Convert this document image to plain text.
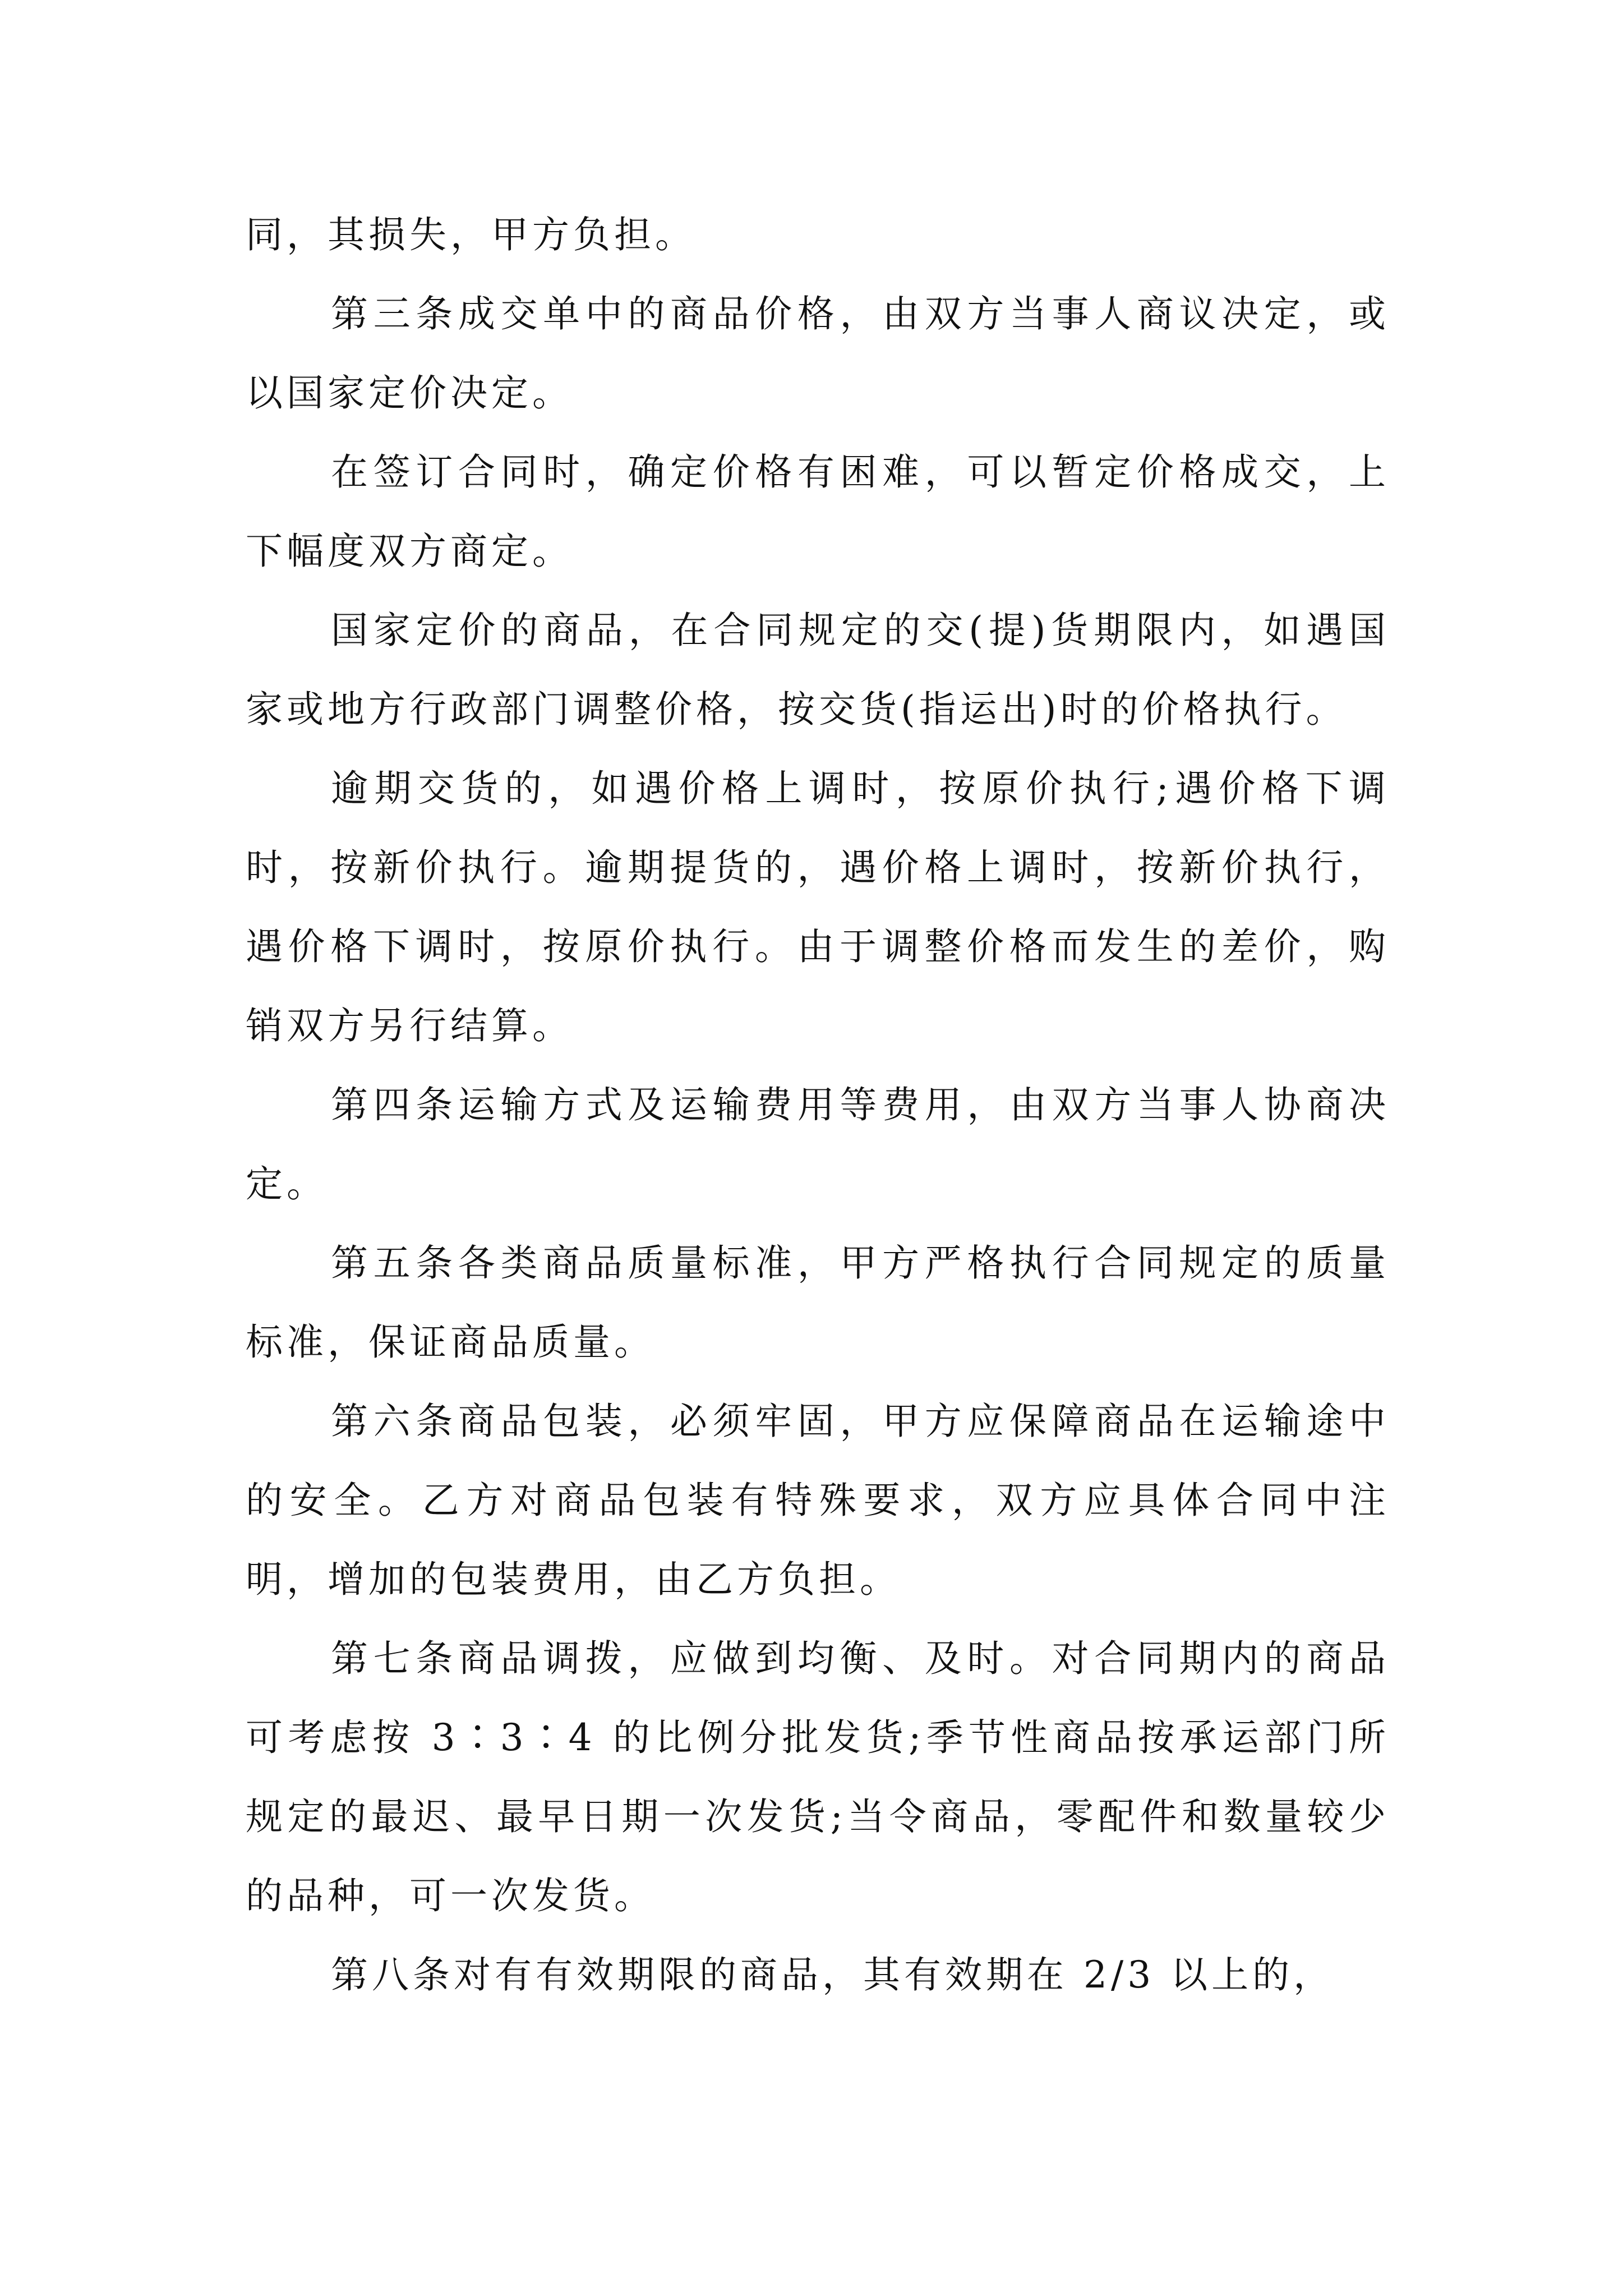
同，其损失，甲方负担。

第三条成交单中的商品价格，由双方当事人商议决定，或以国家定价决定。

在签订合同时，确定价格有困难，可以暂定价格成交，上下幅度双方商定。

国家定价的商品，在合同规定的交(提)货期限内，如遇国家或地方行政部门调整价格，按交货(指运出)时的价格执行。

逾期交货的，如遇价格上调时，按原价执行;遇价格下调时，按新价执行。逾期提货的，遇价格上调时，按新价执行，遇价格下调时，按原价执行。由于调整价格而发生的差价，购销双方另行结算。

第四条运输方式及运输费用等费用，由双方当事人协商决定。

第五条各类商品质量标准，甲方严格执行合同规定的质量标准，保证商品质量。

第六条商品包装，必须牢固，甲方应保障商品在运输途中的安全。乙方对商品包装有特殊要求，双方应具体合同中注明，增加的包装费用，由乙方负担。

第七条商品调拨，应做到均衡、及时。对合同期内的商品可考虑按 3∶3∶4 的比例分批发货;季节性商品按承运部门所规定的最迟、最早日期一次发货;当令商品，零配件和数量较少的品种，可一次发货。

第八条对有有效期限的商品，其有效期在 2/3 以上的，
